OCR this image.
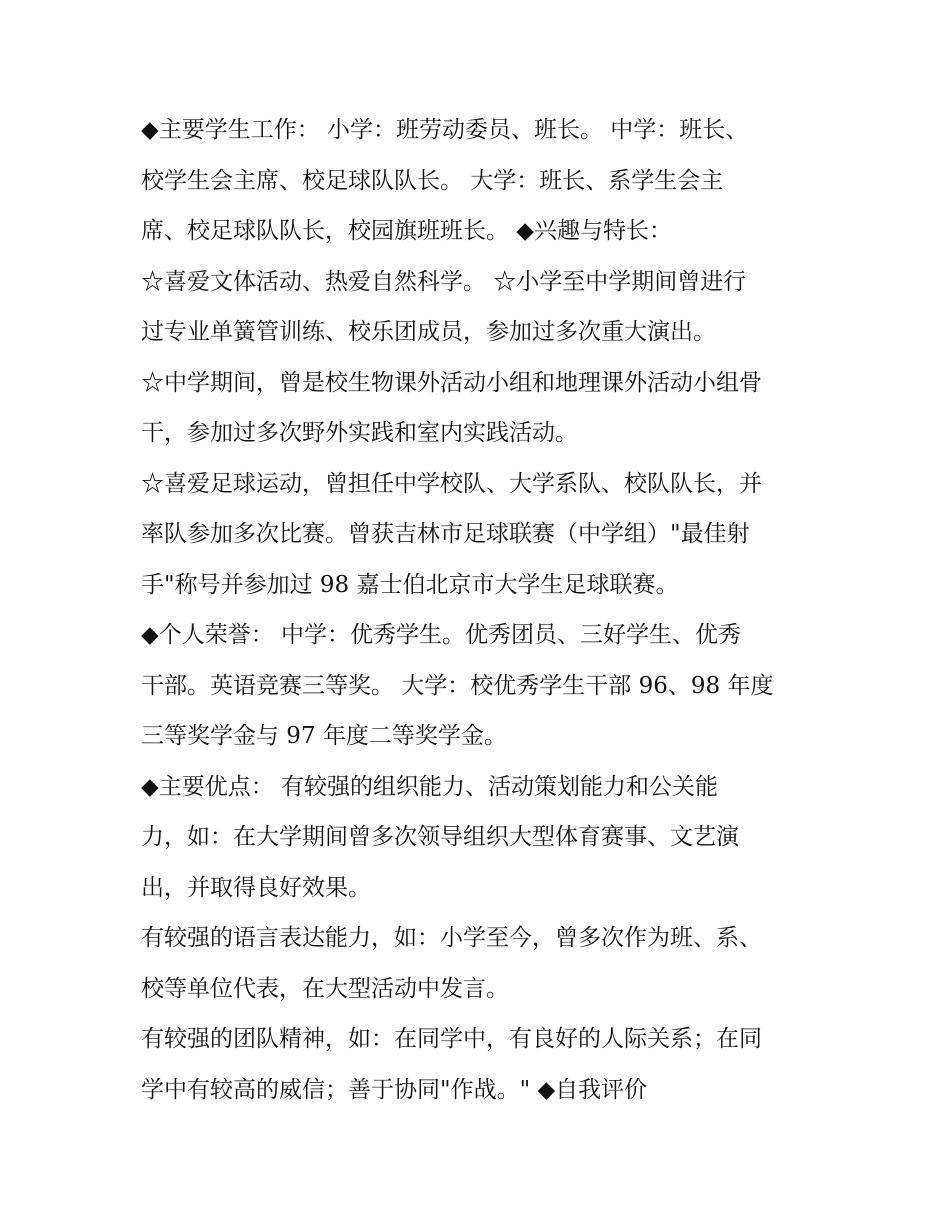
◆主要学生工作： 小学：班劳动委员、班长。 中学：班长、
校学生会主席、校足球队队长。 大学：班长、系学生会主
席、校足球队队长，校园旗班班长。 ◆兴趣与特长：
☆喜爱文体活动、热爱自然科学。 ☆小学至中学期间曾进行
过专业单簧管训练、校乐团成员，参加过多次重大演出。
☆中学期间，曾是校生物课外活动小组和地理课外活动小组骨
干，参加过多次野外实践和室内实践活动。
☆喜爱足球运动，曾担任中学校队、大学系队、校队队长，并
率队参加多次比赛。曾获吉林市足球联赛（中学组）"最佳射
手"称号并参加过 98 嘉士伯北京市大学生足球联赛。
◆个人荣誉： 中学：优秀学生。优秀团员、三好学生、优秀
干部。英语竞赛三等奖。 大学：校优秀学生干部 96、98 年度
三等奖学金与 97 年度二等奖学金。
◆主要优点： 有较强的组织能力、活动策划能力和公关能
力，如：在大学期间曾多次领导组织大型体育赛事、文艺演
出，并取得良好效果。
有较强的语言表达能力，如：小学至今，曾多次作为班、系、
校等单位代表，在大型活动中发言。
有较强的团队精神，如：在同学中，有良好的人际关系；在同
学中有较高的威信；善于协同"作战。" ◆自我评价
